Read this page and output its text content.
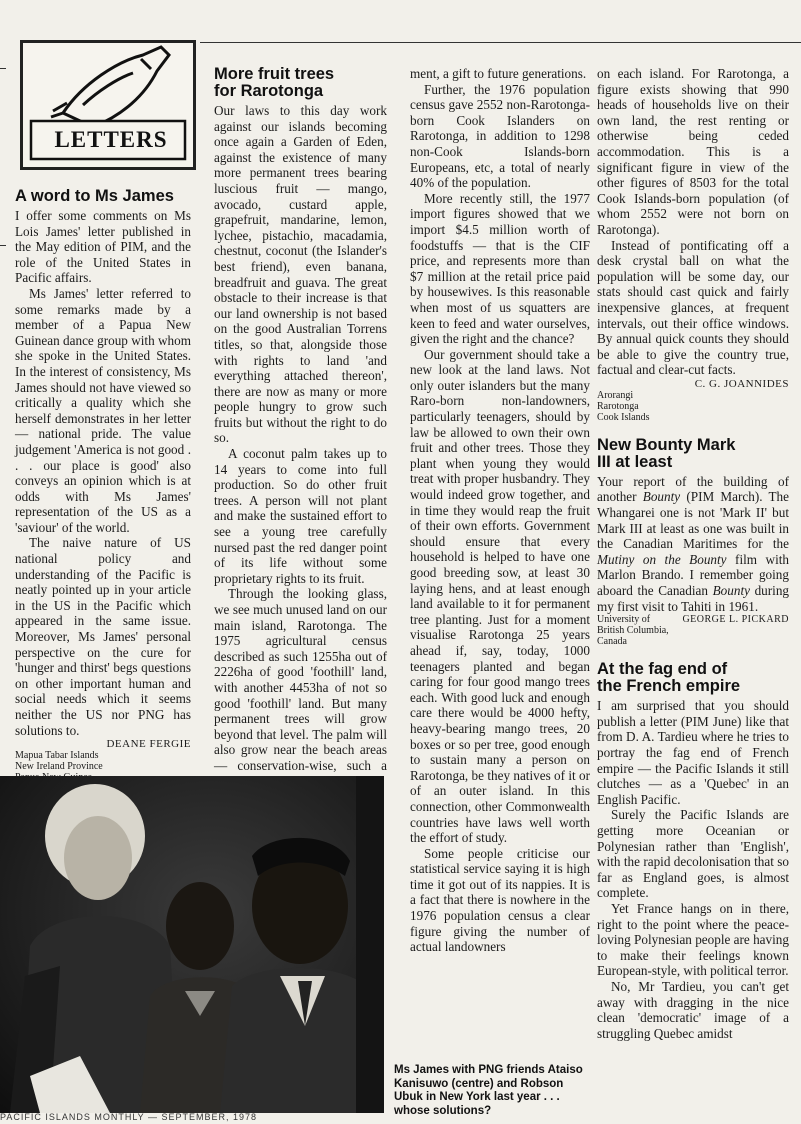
LETTERS
A word to Ms James

I offer some comments on Ms Lois James' letter published in the May edition of PIM, and the role of the United States in Pacific affairs.

Ms James' letter referred to some remarks made by a member of a Papua New Guinean dance group with whom she spoke in the United States. In the interest of consistency, Ms James should not have viewed so critically a quality which she herself demonstrates in her letter — national pride. The value judgement 'America is not good . . . our place is good' also conveys an opinion which is at odds with Ms James' representation of the US as a 'saviour' of the world.

The naive nature of US national policy and understanding of the Pacific is neatly pointed up in your article in the US in the Pacific which appeared in the same issue. Moreover, Ms James' personal perspective on the cure for 'hunger and thirst' begs questions on other important human and social needs which it seems neither the US nor PNG has solutions to.

DEANE FERGIE
Mapua Tabar Islands
New Ireland Province
More fruit trees
for Rarotonga

Our laws to this day work against our islands becoming once again a Garden of Eden, against the existence of many more permanent trees bearing luscious fruit — mango, avocado, custard apple, grapefruit, mandarine, lemon, lychee, pistachio, macadamia, chestnut, coconut (the Islander's best friend), even banana, breadfruit and guava. The great obstacle to their increase is that our land ownership is not based on the good Australian Torrens titles, so that, alongside those with rights to land 'and everything attached thereon', there are now as many or more people hungry to grow such fruits but without the right to do so.

A coconut palm takes up to 14 years to come into full production. So do other fruit trees. A person will not plant and make the sustained effort to see a young tree carefully nursed past the red danger point of its life without some proprietary rights to its fruit.

Through the looking glass, we see much unused land on our main island, Rarotonga. The 1975 agricultural census described as such 1255ha out of 2226ha of good 'foothill' land, with another 4453ha of not so good 'foothill' land. But many permanent trees will grow beyond that level. The palm will also grow near the beach areas — conservation-wise, such a

ment, a gift to future generations.

Further, the 1976 population census gave 2552 non-Rarotonga-born Cook Islanders on Rarotonga, in addition to 1298 non-Cook Islands-born Europeans, etc, a total of nearly 40% of the population.

More recently still, the 1977 import figures showed that we import $4.5 million worth of foodstuffs — that is the CIF price, and represents more than $7 million at the retail price paid by housewives. Is this reasonable when most of us squatters are keen to feed and water ourselves, given the right and the chance?

Our government should take a new look at the land laws. Not only outer islanders but the many Raro-born non-landowners, particularly teenagers, should by law be allowed to own their own fruit and other trees. Those they plant when young they would treat with proper husbandry. They would indeed grow together, and in time they would reap the fruit of their own efforts. Government should ensure that every household is helped to have one good breeding sow, at least 30 laying hens, and at least enough land available to it for permanent tree planting. Just for a moment visualise Rarotonga 25 years ahead if, say, today, 1000 teenagers planted and began caring for four good mango trees each. With good luck and enough care there would be 4000 hefty, heavy-bearing mango trees, 20 boxes or so per tree, good enough to sustain many a person on Rarotonga, be they natives of it or of an outer island. In this connection, other Commonwealth countries have laws well worth the effort of study.

Some people criticise our statistical service saying it is high time it got out of its nappies. It is a fact that there is nowhere in the 1976 population census a clear figure giving the number of actual landowners

on each island. For Rarotonga, a figure exists showing that 990 heads of households live on their own land, the rest renting or otherwise being ceded accommodation. This is a significant figure in view of the other figures of 8503 for the total Cook Islands-born population (of whom 2552 were not born on Rarotonga).

Instead of pontificating off a desk crystal ball on what the population will be some day, our stats should cast quick and fairly inexpensive glances, at frequent intervals, out their office windows. By annual quick counts they should be able to give the country true, factual and clear-cut facts.

C. G. JOANNIDES
Arorangi
Rarotonga
Cook Islands
New Bounty Mark
III at least

Your report of the building of another Bounty (PIM March). The Whangarei one is not 'Mark II' but Mark III at least as one was built in the Canadian Maritimes for the Mutiny on the Bounty film with Marlon Brando. I remember going aboard the Canadian Bounty during my first visit to Tahiti in 1961.

University of
British Columbia,
Canada
GEORGE L. PICKARD
At the fag end of
the French empire

I am surprised that you should publish a letter (PIM June) like that from D. A. Tardieu where he tries to portray the fag end of French empire — the Pacific Islands it still clutches — as a 'Quebec' in an English Pacific.

Surely the Pacific Islands are getting more Oceanian or Polynesian rather than 'English', with the rapid decolonisation that so far as England goes, is almost complete.

Yet France hangs on in there, right to the point where the peace-loving Polynesian people are having to make their feelings known European-style, with political terror.

No, Mr Tardieu, you can't get away with dragging in the nice clean 'democratic' image of a struggling Quebec amidst

Ms James with PNG friends Ataiso Kanisuwo (centre) and Robson Ubuk in New York last year . . . whose solutions?
PACIFIC ISLANDS MONTHLY — SEPTEMBER, 1978
